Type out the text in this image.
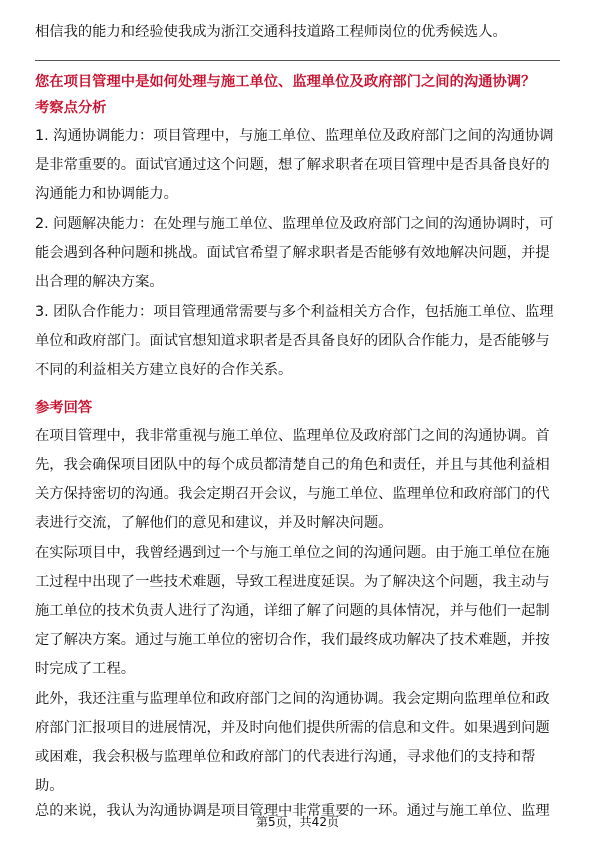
相信我的能力和经验使我成为浙江交通科技道路工程师岗位的优秀候选人。
您在项目管理中是如何处理与施工单位、监理单位及政府部门之间的沟通协调？
考察点分析
1. 沟通协调能力：项目管理中，与施工单位、监理单位及政府部门之间的沟通协调
是非常重要的。面试官通过这个问题，想了解求职者在项目管理中是否具备良好的
沟通能力和协调能力。
2. 问题解决能力：在处理与施工单位、监理单位及政府部门之间的沟通协调时，可
能会遇到各种问题和挑战。面试官希望了解求职者是否能够有效地解决问题，并提
出合理的解决方案。
3. 团队合作能力：项目管理通常需要与多个利益相关方合作，包括施工单位、监理
单位和政府部门。面试官想知道求职者是否具备良好的团队合作能力，是否能够与
不同的利益相关方建立良好的合作关系。
参考回答
在项目管理中，我非常重视与施工单位、监理单位及政府部门之间的沟通协调。首
先，我会确保项目团队中的每个成员都清楚自己的角色和责任，并且与其他利益相
关方保持密切的沟通。我会定期召开会议，与施工单位、监理单位和政府部门的代
表进行交流，了解他们的意见和建议，并及时解决问题。
在实际项目中，我曾经遇到过一个与施工单位之间的沟通问题。由于施工单位在施
工过程中出现了一些技术难题，导致工程进度延误。为了解决这个问题，我主动与
施工单位的技术负责人进行了沟通，详细了解了问题的具体情况，并与他们一起制
定了解决方案。通过与施工单位的密切合作，我们最终成功解决了技术难题，并按
时完成了工程。
此外，我还注重与监理单位和政府部门之间的沟通协调。我会定期向监理单位和政
府部门汇报项目的进展情况，并及时向他们提供所需的信息和文件。如果遇到问题
或困难，我会积极与监理单位和政府部门的代表进行沟通，寻求他们的支持和帮
助。
总的来说，我认为沟通协调是项目管理中非常重要的一环。通过与施工单位、监理
第5页，共42页
